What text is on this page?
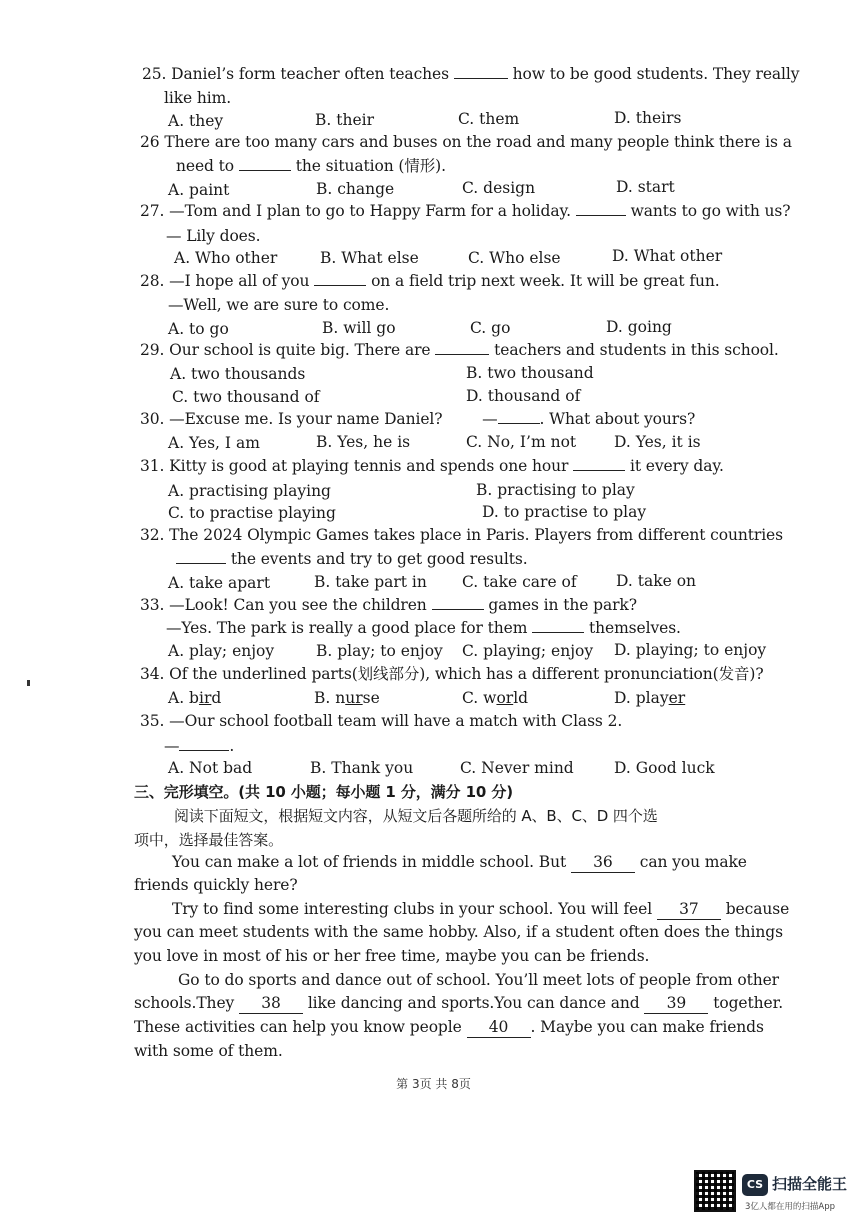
25. Daniel’s form teacher often teaches	how to be good students. They really
like him.
A. they	B. their	C. them	D. theirs
26 There are too many cars and buses on the road and many people think there is a
need to	the situation (情形).
A. paint	B. change	C. design	D. start
27. —Tom and I plan to go to Happy Farm for a holiday.	wants to go with us?
— Lily does.
A. Who other	B. What else	C. Who else	D. What other
28. —I hope all of you	on a field trip next week. It will be great fun.
—Well, we are sure to come.
A. to go	B. will go	C. go	D. going
29. Our school is quite big. There are	teachers and students in this school.
A. two thousands	B. two thousand
C. two thousand of	D. thousand of
30. —Excuse me. Is your name Daniel?	—	. What about yours?
A. Yes, I am	B. Yes, he is	C. No, I’m not D. Yes, it is
31. Kitty is good at playing tennis and spends one hour	it every day.
A. practising playing	B. practising to play
C. to practise playing	D. to practise to play
32. The 2024 Olympic Games takes place in Paris. Players from different countries
the events and try to get good results.
A. take apart	B. take part in C. take care of	D. take on
33. —Look! Can you see the children	games in the park?
—Yes. The park is really a good place for them	themselves.
A. play; enjoy	B. play; to enjoy C. playing; enjoy D. playing; to enjoy
34. Of the underlined parts(划线部分), which has a different pronunciation(发音)?
A. bird	B. nurse	C. world	D. player
35. —Our school football team will have a match with Class 2.
—	.
A. Not bad	B. Thank you	C. Never mind	D. Good luck
三、完形填空。(共 10 小题；每小题 1 分，满分 10 分)
阅读下面短文，根据短文内容，从短文后各题所给的 A、B、C、D 四个选
项中，选择最佳答案。
You can make a lot of friends in middle school. But 36 can you make
friends quickly here?
Try to find some interesting clubs in your school. You will feel 37 because
you can meet students with the same hobby. Also, if a student often does the things
you love in most of his or her free time, maybe you can be friends.
Go to do sports and dance out of school. You’ll meet lots of people from other
schools.They 38 like dancing and sports.You can dance and 39 together.
These activities can help you know people 40 . Maybe you can make friends
with some of them.
第 3页 共 8页
CS 扫描全能王
3亿人都在用的扫描App
